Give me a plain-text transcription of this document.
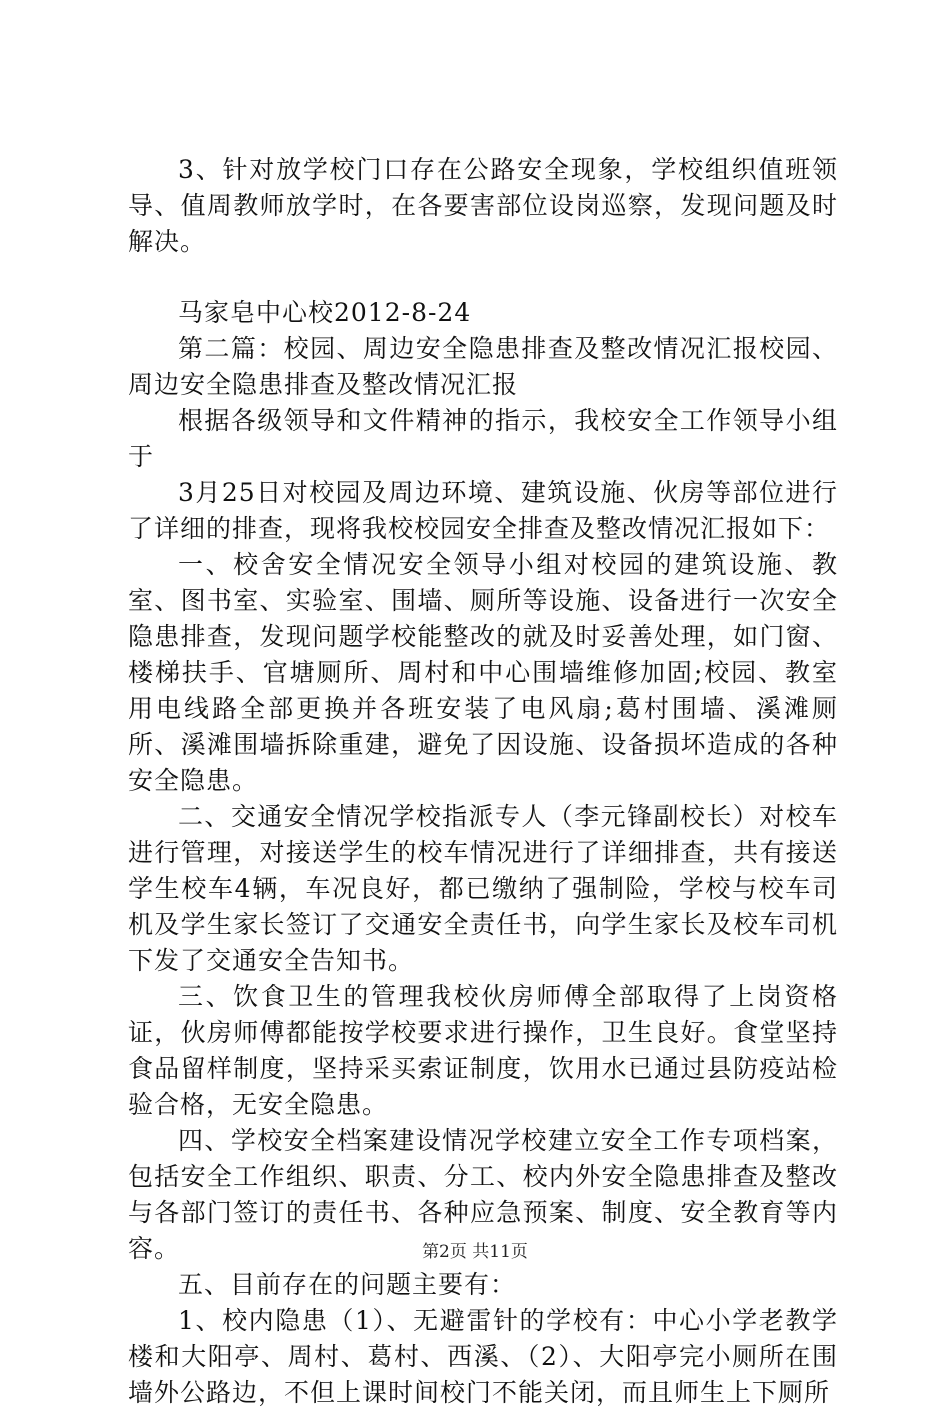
3、针对放学校门口存在公路安全现象，学校组织值班领导、值周教师放学时，在各要害部位设岗巡察，发现问题及时解决。

马家皂中心校2012-8-24

第二篇：校园、周边安全隐患排查及整改情况汇报校园、周边安全隐患排查及整改情况汇报

根据各级领导和文件精神的指示，我校安全工作领导小组于

3月25日对校园及周边环境、建筑设施、伙房等部位进行了详细的排查，现将我校校园安全排查及整改情况汇报如下：

一、校舍安全情况安全领导小组对校园的建筑设施、教室、图书室、实验室、围墙、厕所等设施、设备进行一次安全隐患排查，发现问题学校能整改的就及时妥善处理，如门窗、楼梯扶手、官塘厕所、周村和中心围墙维修加固;校园、教室用电线路全部更换并各班安装了电风扇;葛村围墙、溪滩厕所、溪滩围墙拆除重建，避免了因设施、设备损坏造成的各种安全隐患。

二、交通安全情况学校指派专人（李元锋副校长）对校车进行管理，对接送学生的校车情况进行了详细排查，共有接送学生校车4辆，车况良好，都已缴纳了强制险，学校与校车司机及学生家长签订了交通安全责任书，向学生家长及校车司机下发了交通安全告知书。

三、饮食卫生的管理我校伙房师傅全部取得了上岗资格证，伙房师傅都能按学校要求进行操作，卫生良好。食堂坚持食品留样制度，坚持采买索证制度，饮用水已通过县防疫站检验合格，无安全隐患。

四、学校安全档案建设情况学校建立安全工作专项档案，包括安全工作组织、职责、分工、校内外安全隐患排查及整改与各部门签订的责任书、各种应急预案、制度、安全教育等内容。

五、目前存在的问题主要有：

1、校内隐患（1）、无避雷针的学校有：中心小学老教学楼和大阳亭、周村、葛村、西溪、（2）、大阳亭完小厕所在围墙外公路边，不但上课时间校门不能关闭，而且师生上下厕所

第2页 共11页
